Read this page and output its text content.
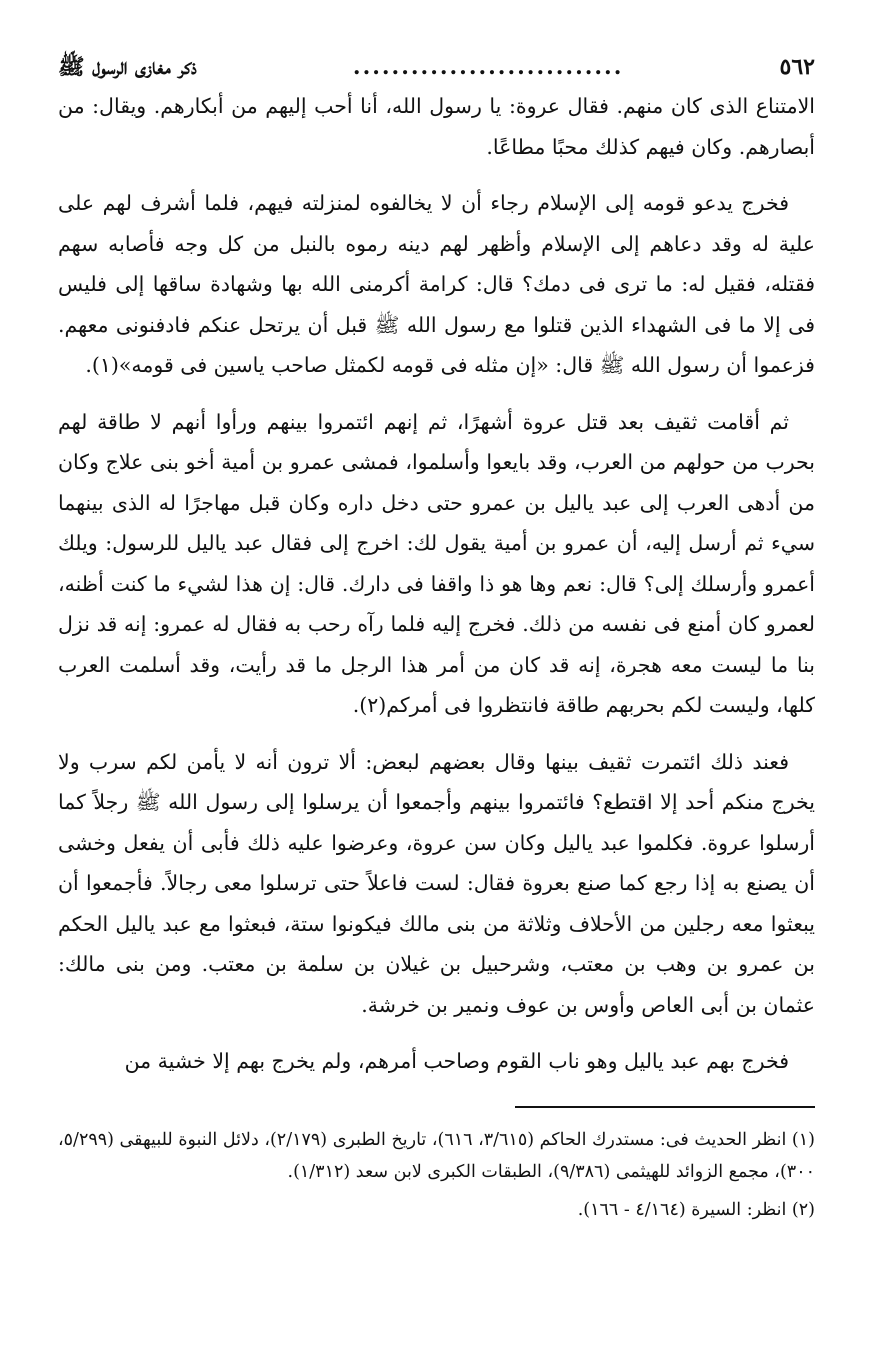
٥٦٢
............................
ذكر مغازى الرسول ﷺ

الامتناع الذى كان منهم. فقال عروة: يا رسول الله، أنا أحب إليهم من أبكارهم. ويقال: من أبصارهم. وكان فيهم كذلك محبًا مطاعًا.

فخرج يدعو قومه إلى الإسلام رجاء أن لا يخالفوه لمنزلته فيهم، فلما أشرف لهم على علية له وقد دعاهم إلى الإسلام وأظهر لهم دينه رموه بالنبل من كل وجه فأصابه سهم فقتله، فقيل له: ما ترى فى دمك؟ قال: كرامة أكرمنى الله بها وشهادة ساقها إلى فليس فى إلا ما فى الشهداء الذين قتلوا مع رسول الله ﷺ قبل أن يرتحل عنكم فادفنونى معهم. فزعموا أن رسول الله ﷺ قال: «إن مثله فى قومه لكمثل صاحب ياسين فى قومه»(١).

ثم أقامت ثقيف بعد قتل عروة أشهرًا، ثم إنهم ائتمروا بينهم ورأوا أنهم لا طاقة لهم بحرب من حولهم من العرب، وقد بايعوا وأسلموا، فمشى عمرو بن أمية أخو بنى علاج وكان من أدهى العرب إلى عبد ياليل بن عمرو حتى دخل داره وكان قبل مهاجرًا له الذى بينهما سيء ثم أرسل إليه، أن عمرو بن أمية يقول لك: اخرج إلى فقال عبد ياليل للرسول: ويلك أعمرو وأرسلك إلى؟ قال: نعم وها هو ذا واقفا فى دارك. قال: إن هذا لشيء ما كنت أظنه، لعمرو كان أمنع فى نفسه من ذلك. فخرج إليه فلما رآه رحب به فقال له عمرو: إنه قد نزل بنا ما ليست معه هجرة، إنه قد كان من أمر هذا الرجل ما قد رأيت، وقد أسلمت العرب كلها، وليست لكم بحربهم طاقة فانتظروا فى أمركم(٢).

فعند ذلك ائتمرت ثقيف بينها وقال بعضهم لبعض: ألا ترون أنه لا يأمن لكم سرب ولا يخرج منكم أحد إلا اقتطع؟ فائتمروا بينهم وأجمعوا أن يرسلوا إلى رسول الله ﷺ رجلاً كما أرسلوا عروة. فكلموا عبد ياليل وكان سن عروة، وعرضوا عليه ذلك فأبى أن يفعل وخشى أن يصنع به إذا رجع كما صنع بعروة فقال: لست فاعلاً حتى ترسلوا معى رجالاً. فأجمعوا أن يبعثوا معه رجلين من الأحلاف وثلاثة من بنى مالك فيكونوا ستة، فبعثوا مع عبد ياليل الحكم بن عمرو بن وهب بن معتب، وشرحبيل بن غيلان بن سلمة بن معتب. ومن بنى مالك: عثمان بن أبى العاص وأوس بن عوف ونمير بن خرشة.

فخرج بهم عبد ياليل وهو ناب القوم وصاحب أمرهم، ولم يخرج بهم إلا خشية من

(١) انظر الحديث فى: مستدرك الحاكم (٣/٦١٥، ٦١٦)، تاريخ الطبرى (٢/١٧٩)، دلائل النبوة للبيهقى (٥/٢٩٩، ٣٠٠)، مجمع الزوائد للهيثمى (٩/٣٨٦)، الطبقات الكبرى لابن سعد (١/٣١٢).

(٢) انظر: السيرة (٤/١٦٤ - ١٦٦).
